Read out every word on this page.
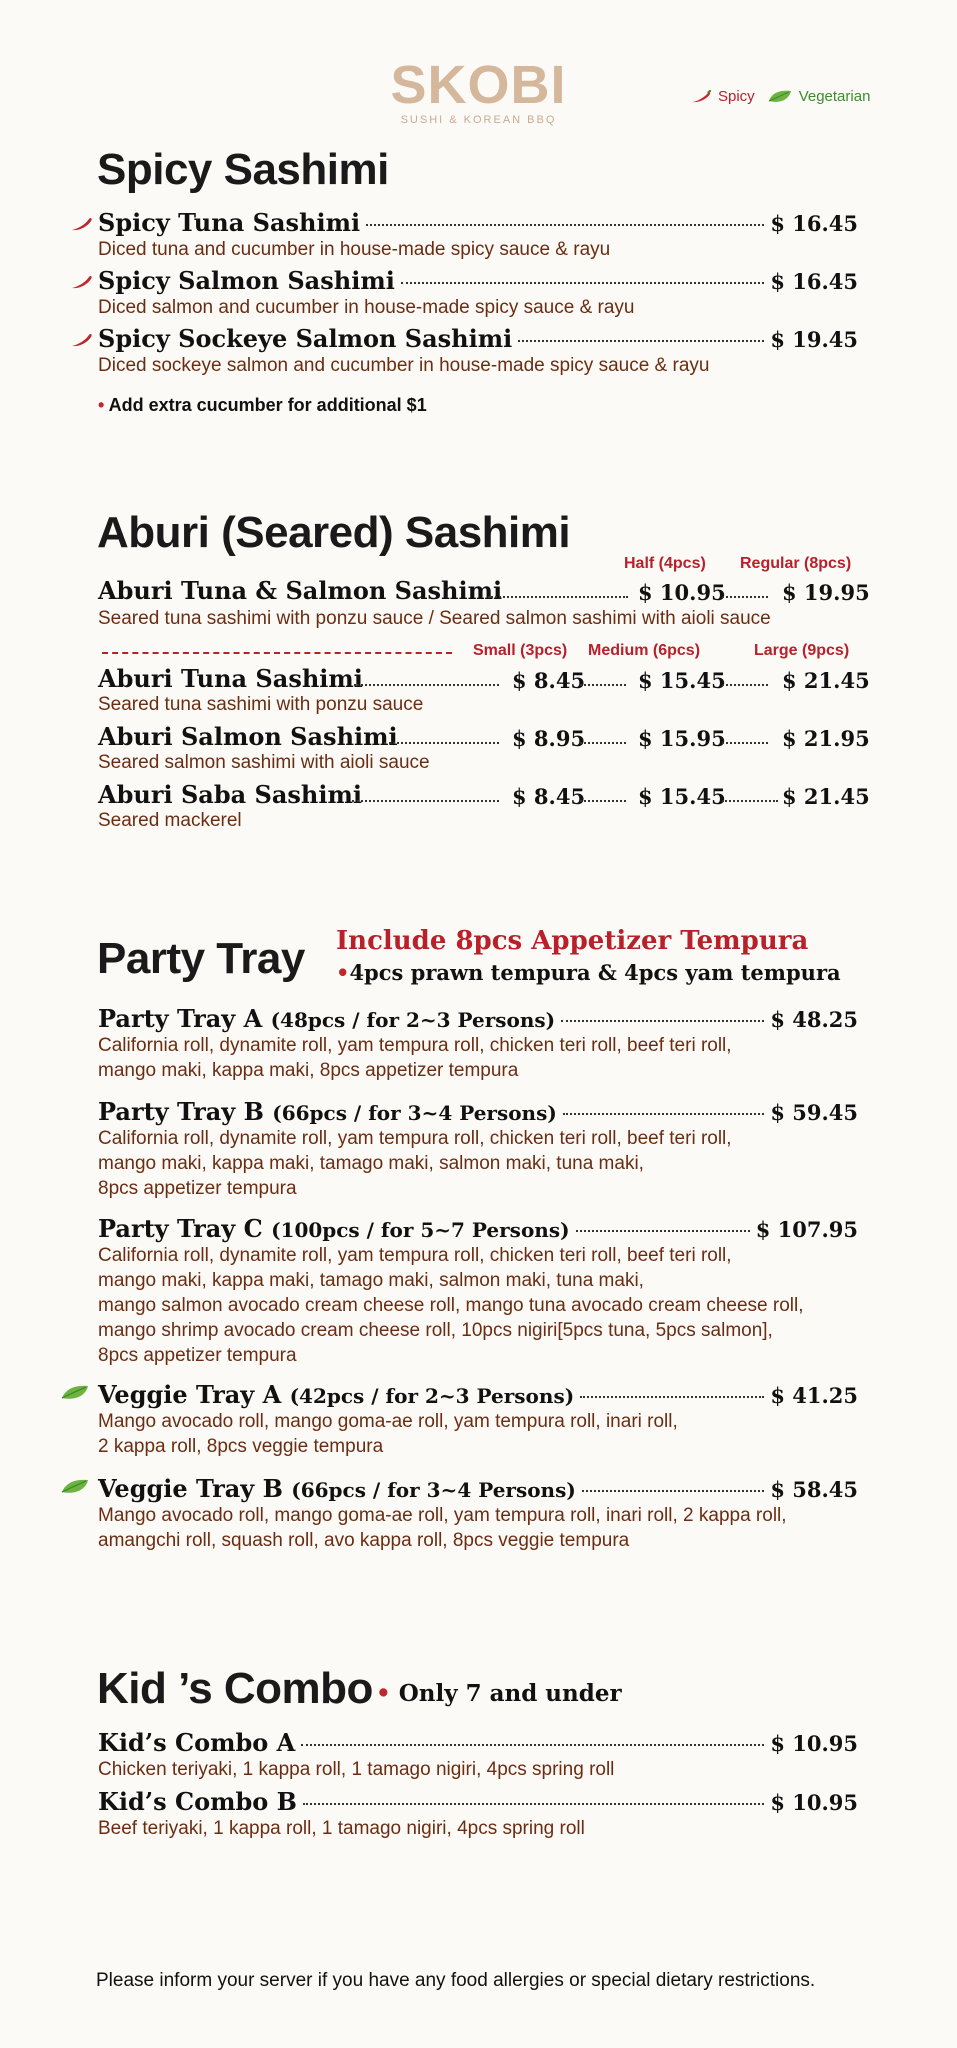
SKOBI
SUSHI & KOREAN BBQ
Spicy	Vegetarian
Spicy Sashimi
Spicy Tuna Sashimi	$ 16.45
Diced tuna and cucumber in house-made spicy sauce & rayu
Spicy Salmon Sashimi	$ 16.45
Diced salmon and cucumber in house-made spicy sauce & rayu
Spicy Sockeye Salmon Sashimi	$ 19.45
Diced sockeye salmon and cucumber in house-made spicy sauce & rayu
• Add extra cucumber for additional $1
Aburi (Seared) Sashimi
Half (4pcs) Regular (8pcs)
Aburi Tuna & Salmon Sashimi	$ 10.95	$ 19.95
Seared tuna sashimi with ponzu sauce / Seared salmon sashimi with aioli sauce
Small (3pcs) Medium (6pcs)	Large (9pcs)
Aburi Tuna Sashimi	$ 8.45	$ 15.45	$ 21.45
Seared tuna sashimi with ponzu sauce
Aburi Salmon Sashimi	$ 8.95	$ 15.95	$ 21.95
Seared salmon sashimi with aioli sauce
Aburi Saba Sashimi	$ 8.45	$ 15.45	$ 21.45
Seared mackerel
Party Tray Include 8pcs Appetizer Tempura
•4pcs prawn tempura & 4pcs yam tempura
Party Tray A (48pcs / for 2~3 Persons)	$ 48.25
California roll, dynamite roll, yam tempura roll, chicken teri roll, beef teri roll,
mango maki, kappa maki, 8pcs appetizer tempura
Party Tray B (66pcs / for 3~4 Persons)	$ 59.45
California roll, dynamite roll, yam tempura roll, chicken teri roll, beef teri roll,
mango maki, kappa maki, tamago maki, salmon maki, tuna maki,
8pcs appetizer tempura
Party Tray C (100pcs / for 5~7 Persons)	$ 107.95
California roll, dynamite roll, yam tempura roll, chicken teri roll, beef teri roll,
mango maki, kappa maki, tamago maki, salmon maki, tuna maki,
mango salmon avocado cream cheese roll, mango tuna avocado cream cheese roll,
mango shrimp avocado cream cheese roll, 10pcs nigiri[5pcs tuna, 5pcs salmon],
8pcs appetizer tempura
Veggie Tray A (42pcs / for 2~3 Persons)	$ 41.25
Mango avocado roll, mango goma-ae roll, yam tempura roll, inari roll,
2 kappa roll, 8pcs veggie tempura
Veggie Tray B (66pcs / for 3~4 Persons)	$ 58.45
Mango avocado roll, mango goma-ae roll, yam tempura roll, inari roll, 2 kappa roll,
amangchi roll, squash roll, avo kappa roll, 8pcs veggie tempura
Kid ’s Combo • Only 7 and under
Kid’s Combo A	$ 10.95
Chicken teriyaki, 1 kappa roll, 1 tamago nigiri, 4pcs spring roll
Kid’s Combo B	$ 10.95
Beef teriyaki, 1 kappa roll, 1 tamago nigiri, 4pcs spring roll
Please inform your server if you have any food allergies or special dietary restrictions.
